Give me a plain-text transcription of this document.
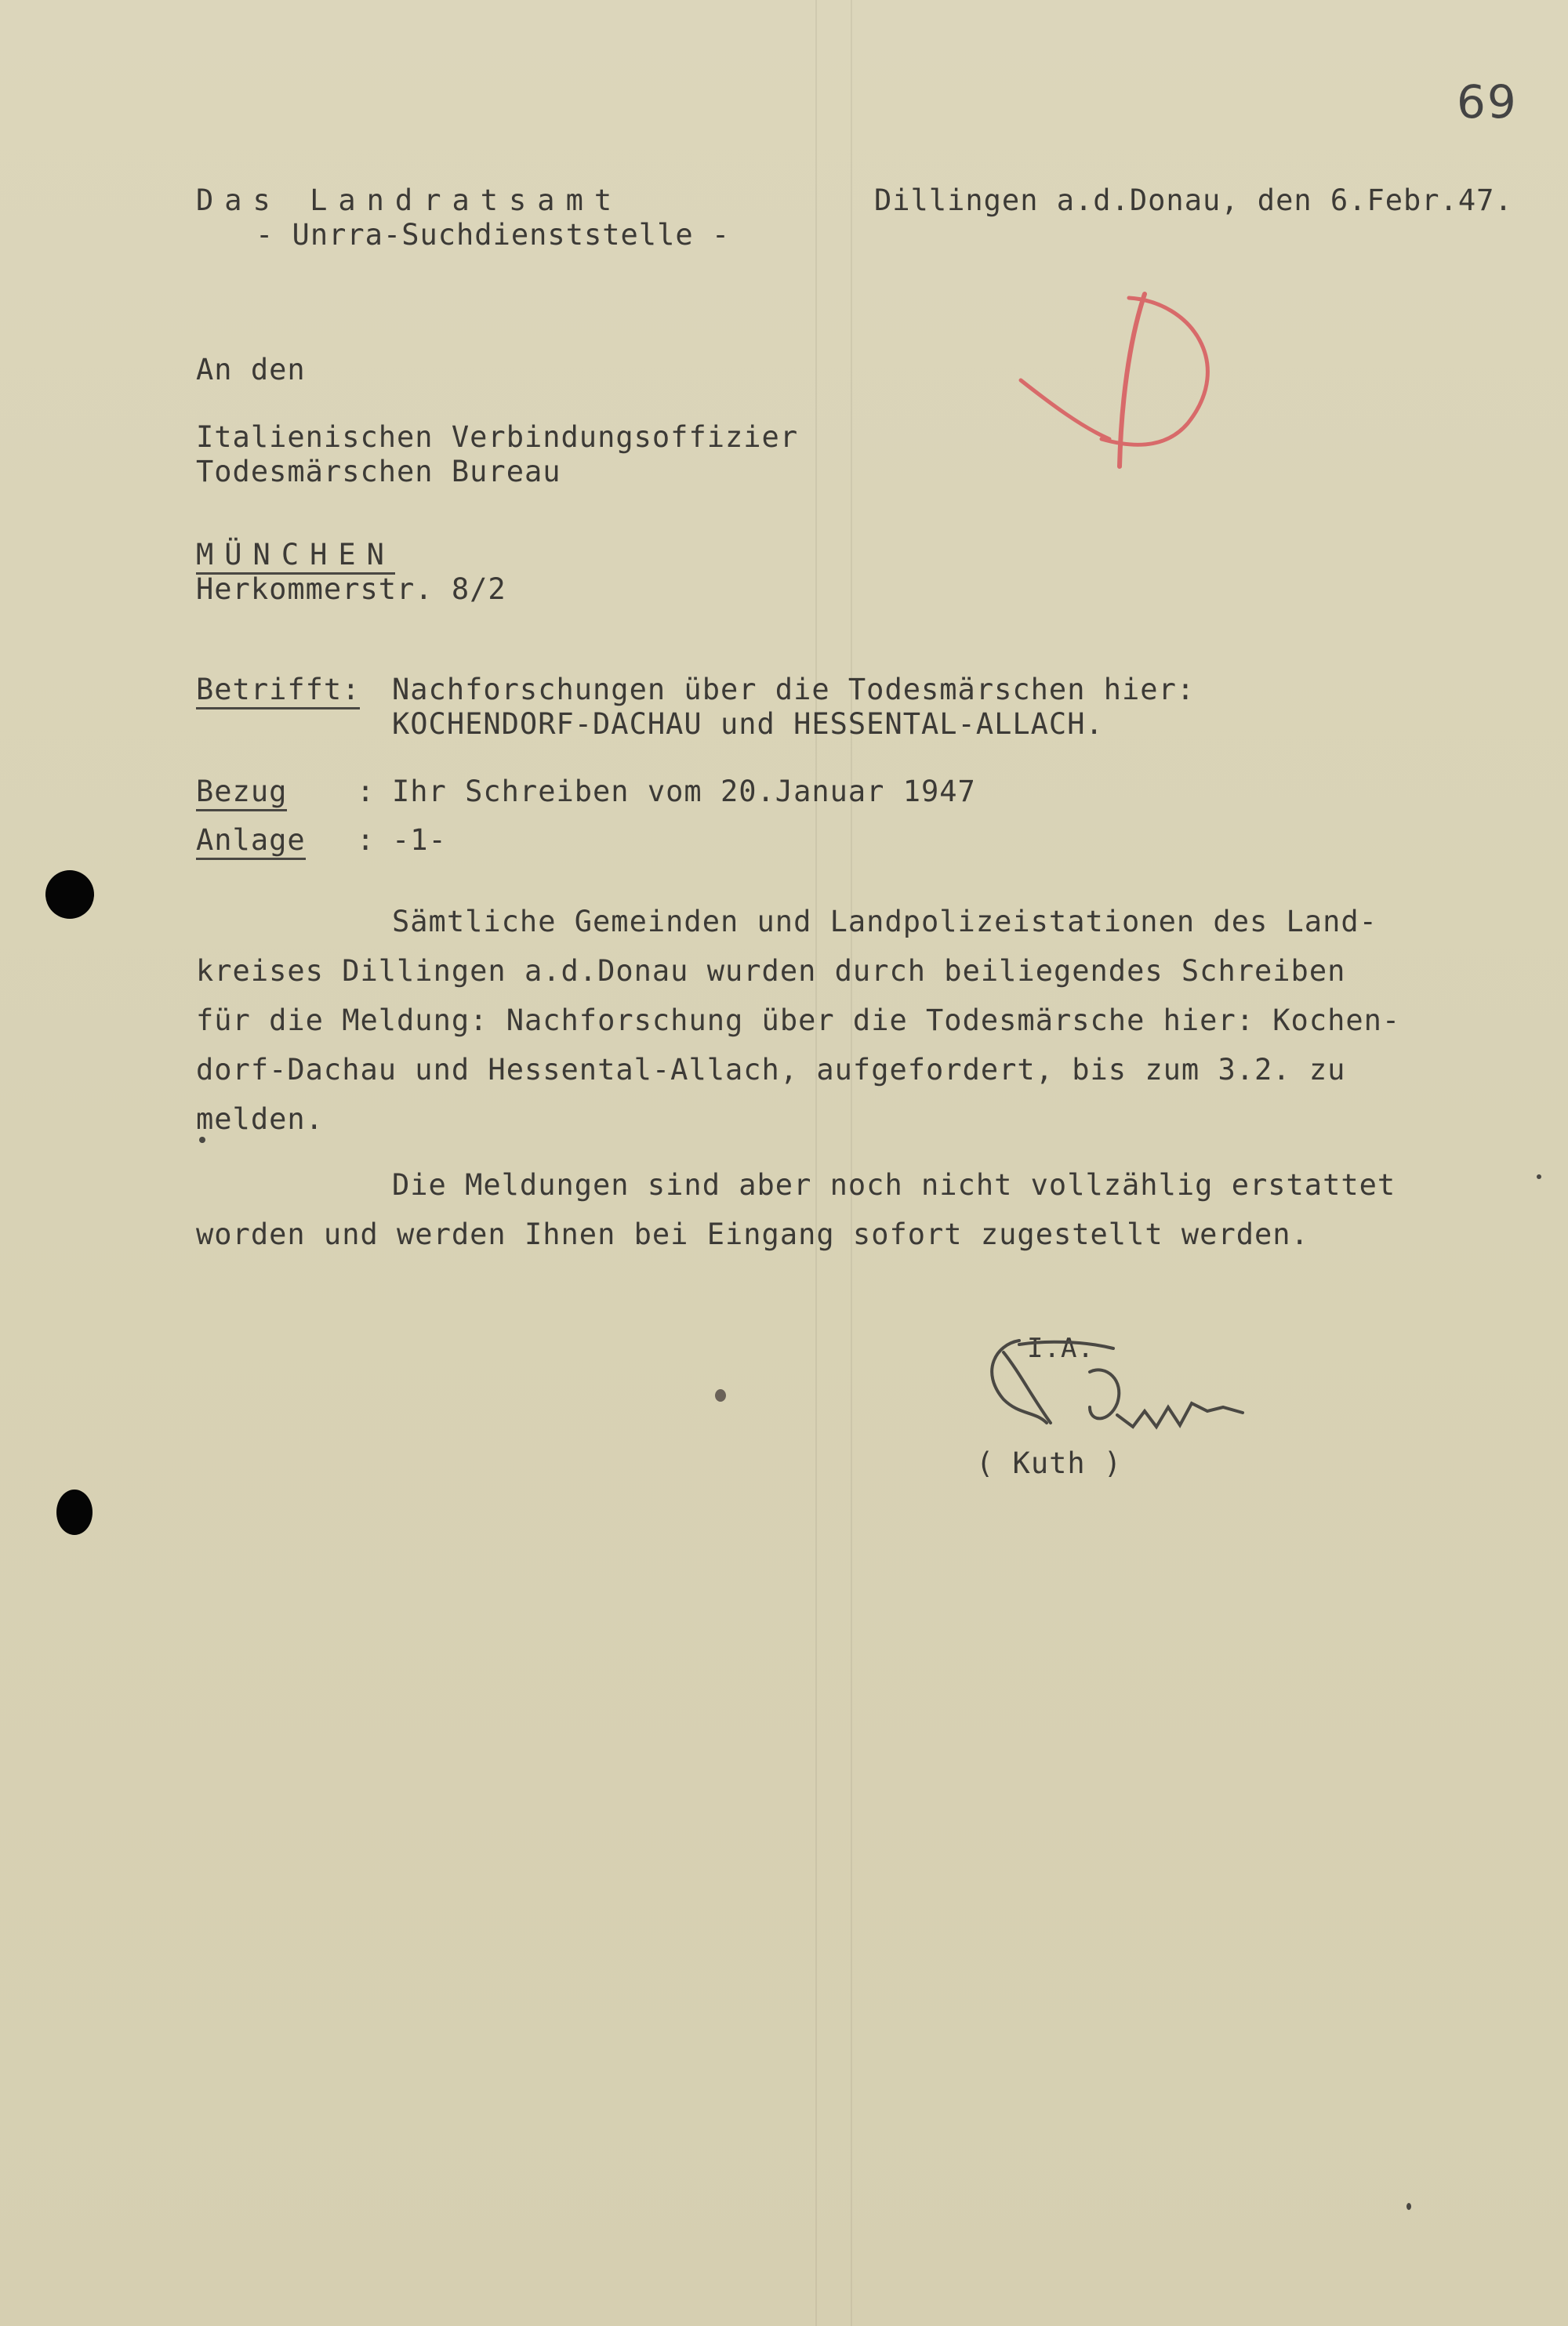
69
Das Landratsamt
- Unrra-Suchdienststelle -
Dillingen a.d.Donau, den 6.Febr.47.
An den
Italienischen Verbindungsoffizier
Todesmärschen Bureau
MÜNCHEN
Herkommerstr. 8/2
Betrifft: Nachforschungen über die Todesmärschen hier:
KOCHENDORF-DACHAU und HESSENTAL-ALLACH.
Bezug : Ihr Schreiben vom 20.Januar 1947
Anlage : -1-
Sämtliche Gemeinden und Landpolizeistationen des Land-
kreises Dillingen a.d.Donau wurden durch beiliegendes Schreiben
für die Meldung: Nachforschung über die Todesmärsche hier: Kochen-
dorf-Dachau und Hessental-Allach, aufgefordert, bis zum 3.2. zu
melden.
Die Meldungen sind aber noch nicht vollzählig erstattet
worden und werden Ihnen bei Eingang sofort zugestellt werden.
I.A.
( Kuth )
